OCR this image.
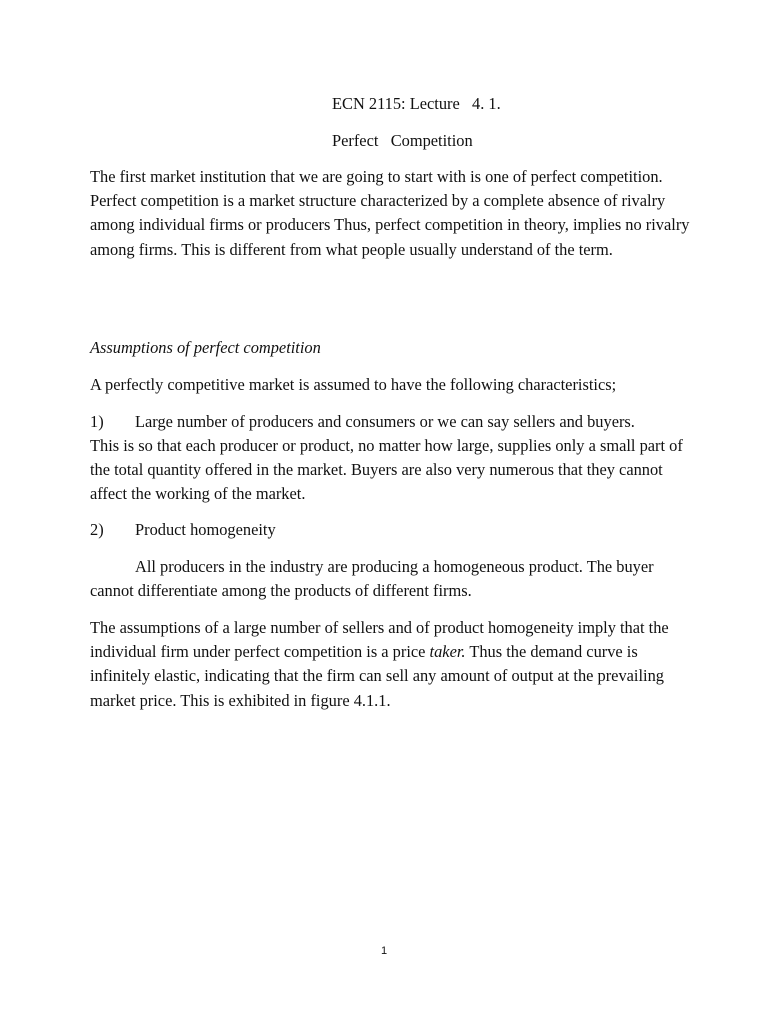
ECN 2115: Lecture   4. 1.
Perfect   Competition

The first market institution that we are going to start with is one of perfect competition. Perfect competition is a market structure characterized by a complete absence of rivalry among individual firms or producers Thus, perfect competition in theory, implies no rivalry among firms. This is different from what people usually understand of the term.

Assumptions of perfect competition
A perfectly competitive market is assumed to have the following characteristics;
1) Large number of producers and consumers or we can say sellers and buyers.

This is so that each producer or product, no matter how large, supplies only a small part of the total quantity offered in the market. Buyers are also very numerous that they cannot affect the working of the market.

2) Product homogeneity

All producers in the industry are producing a homogeneous product. The buyer cannot differentiate among the products of different firms.

The assumptions of a large number of sellers and of product homogeneity imply that the individual firm under perfect competition is a price taker. Thus the demand curve is infinitely elastic, indicating that the firm can sell any amount of output at the prevailing market price. This is exhibited in figure 4.1.1.

1
